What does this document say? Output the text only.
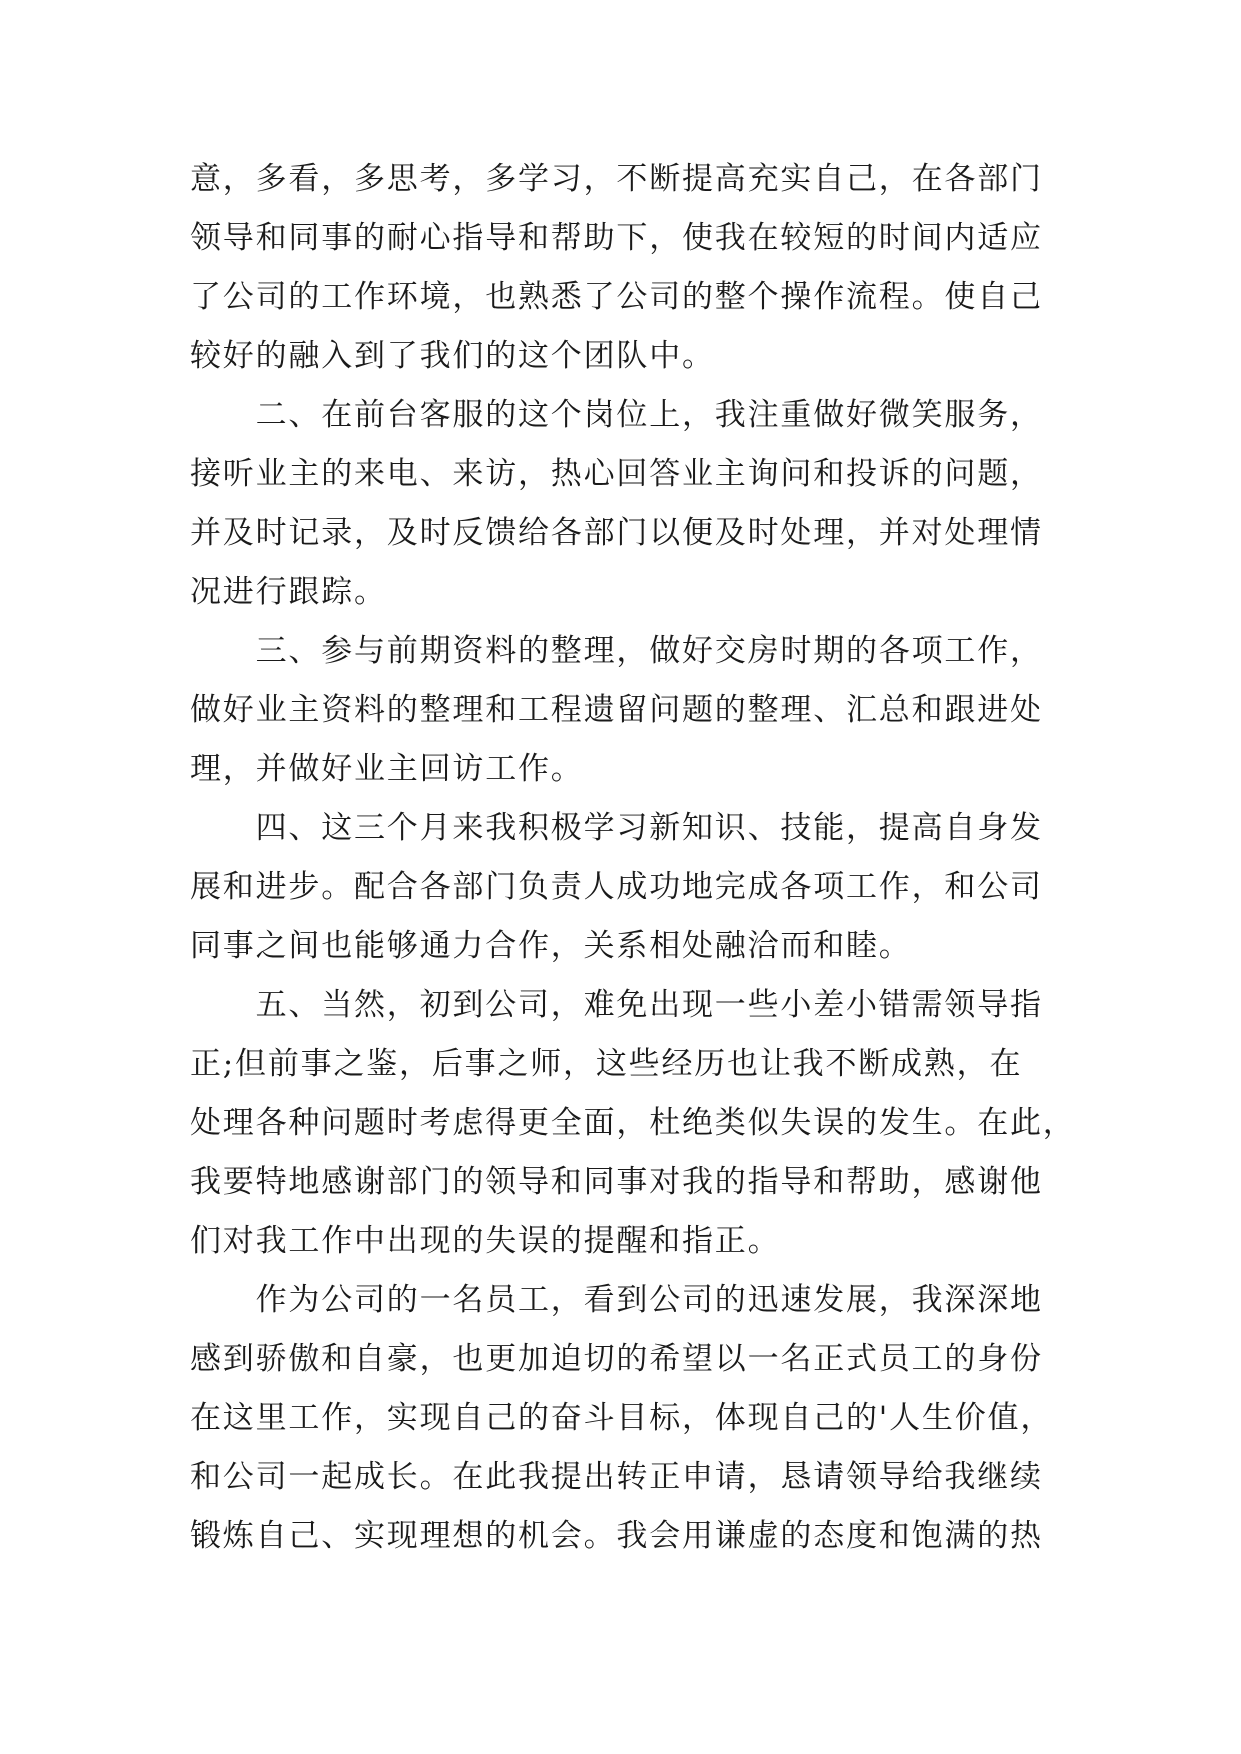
意，多看，多思考，多学习，不断提高充实自己，在各部门
领导和同事的耐心指导和帮助下，使我在较短的时间内适应
了公司的工作环境，也熟悉了公司的整个操作流程。使自己
较好的融入到了我们的这个团队中。
　　二、在前台客服的这个岗位上，我注重做好微笑服务，
接听业主的来电、来访，热心回答业主询问和投诉的问题，
并及时记录，及时反馈给各部门以便及时处理，并对处理情
况进行跟踪。
　　三、参与前期资料的整理，做好交房时期的各项工作，
做好业主资料的整理和工程遗留问题的整理、汇总和跟进处
理，并做好业主回访工作。
　　四、这三个月来我积极学习新知识、技能，提高自身发
展和进步。配合各部门负责人成功地完成各项工作，和公司
同事之间也能够通力合作，关系相处融洽而和睦。
　　五、当然，初到公司，难免出现一些小差小错需领导指
正;但前事之鉴，后事之师，这些经历也让我不断成熟，在
处理各种问题时考虑得更全面，杜绝类似失误的发生。在此，
我要特地感谢部门的领导和同事对我的指导和帮助，感谢他
们对我工作中出现的失误的提醒和指正。
　　作为公司的一名员工，看到公司的迅速发展，我深深地
感到骄傲和自豪，也更加迫切的希望以一名正式员工的身份
在这里工作，实现自己的奋斗目标，体现自己的'人生价值，
和公司一起成长。在此我提出转正申请，恳请领导给我继续
锻炼自己、实现理想的机会。我会用谦虚的态度和饱满的热
